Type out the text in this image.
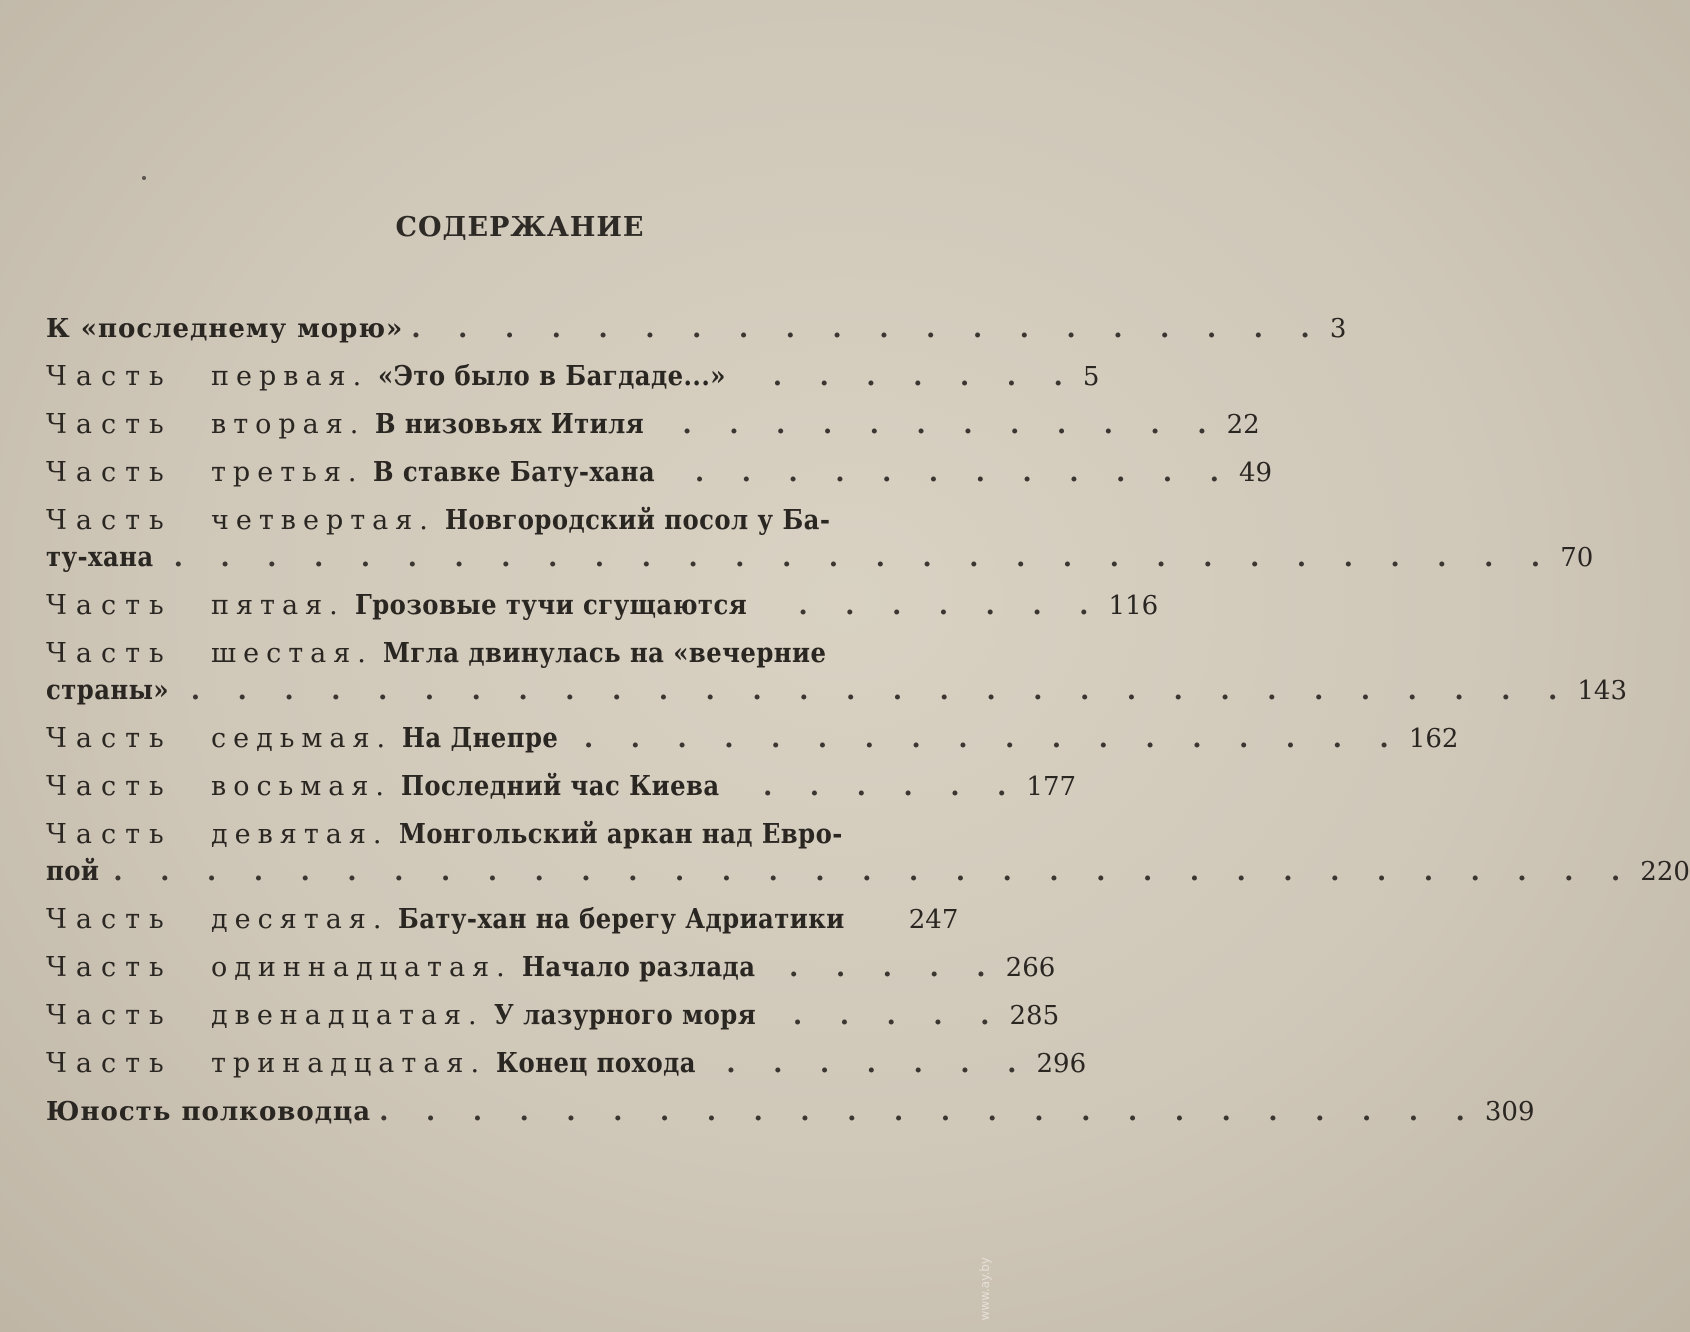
СОДЕРЖАНИЕ
К «последнему морю» . . . . . . . . . . . . . . . . . . . . 3
Часть	первая. «Это было в Багдаде...» . . . . . . . 5
Часть	вторая. В низовьях Итиля . . . . . . . . . . . . 22
Часть	третья. В ставке Бату-хана . . . . . . . . . . . . 49
Часть	четвертая. Новгородский посол у Ба-
ту-хана . . . . . . . . . . . . . . . . . . . . . . . . . . . . . . 70
Часть	пятая. Грозовые тучи сгущаются . . . . . . . 116
Часть	шестая. Мгла двинулась на «вечерние
страны» . . . . . . . . . . . . . . . . . . . . . . . . . . . . . . 143
Часть	седьмая. На Днепре . . . . . . . . . . . . . . . . . . 162
Часть	восьмая. Последний час Киева . . . . . . 177
Часть	девятая. Монгольский аркан над Евро-
пой . . . . . . . . . . . . . . . . . . . . . . . . . . . . . . . . . 220
Часть	десятая. Бату-хан на берегу Адриатики 247
Часть	одиннадцатая. Начало разлада . . . . . 266
Часть	двенадцатая. У лазурного моря . . . . . 285
Часть	тринадцатая. Конец похода . . . . . . . 296
Юность полководца . . . . . . . . . . . . . . . . . . . . . . . . 309
www.ay.by
